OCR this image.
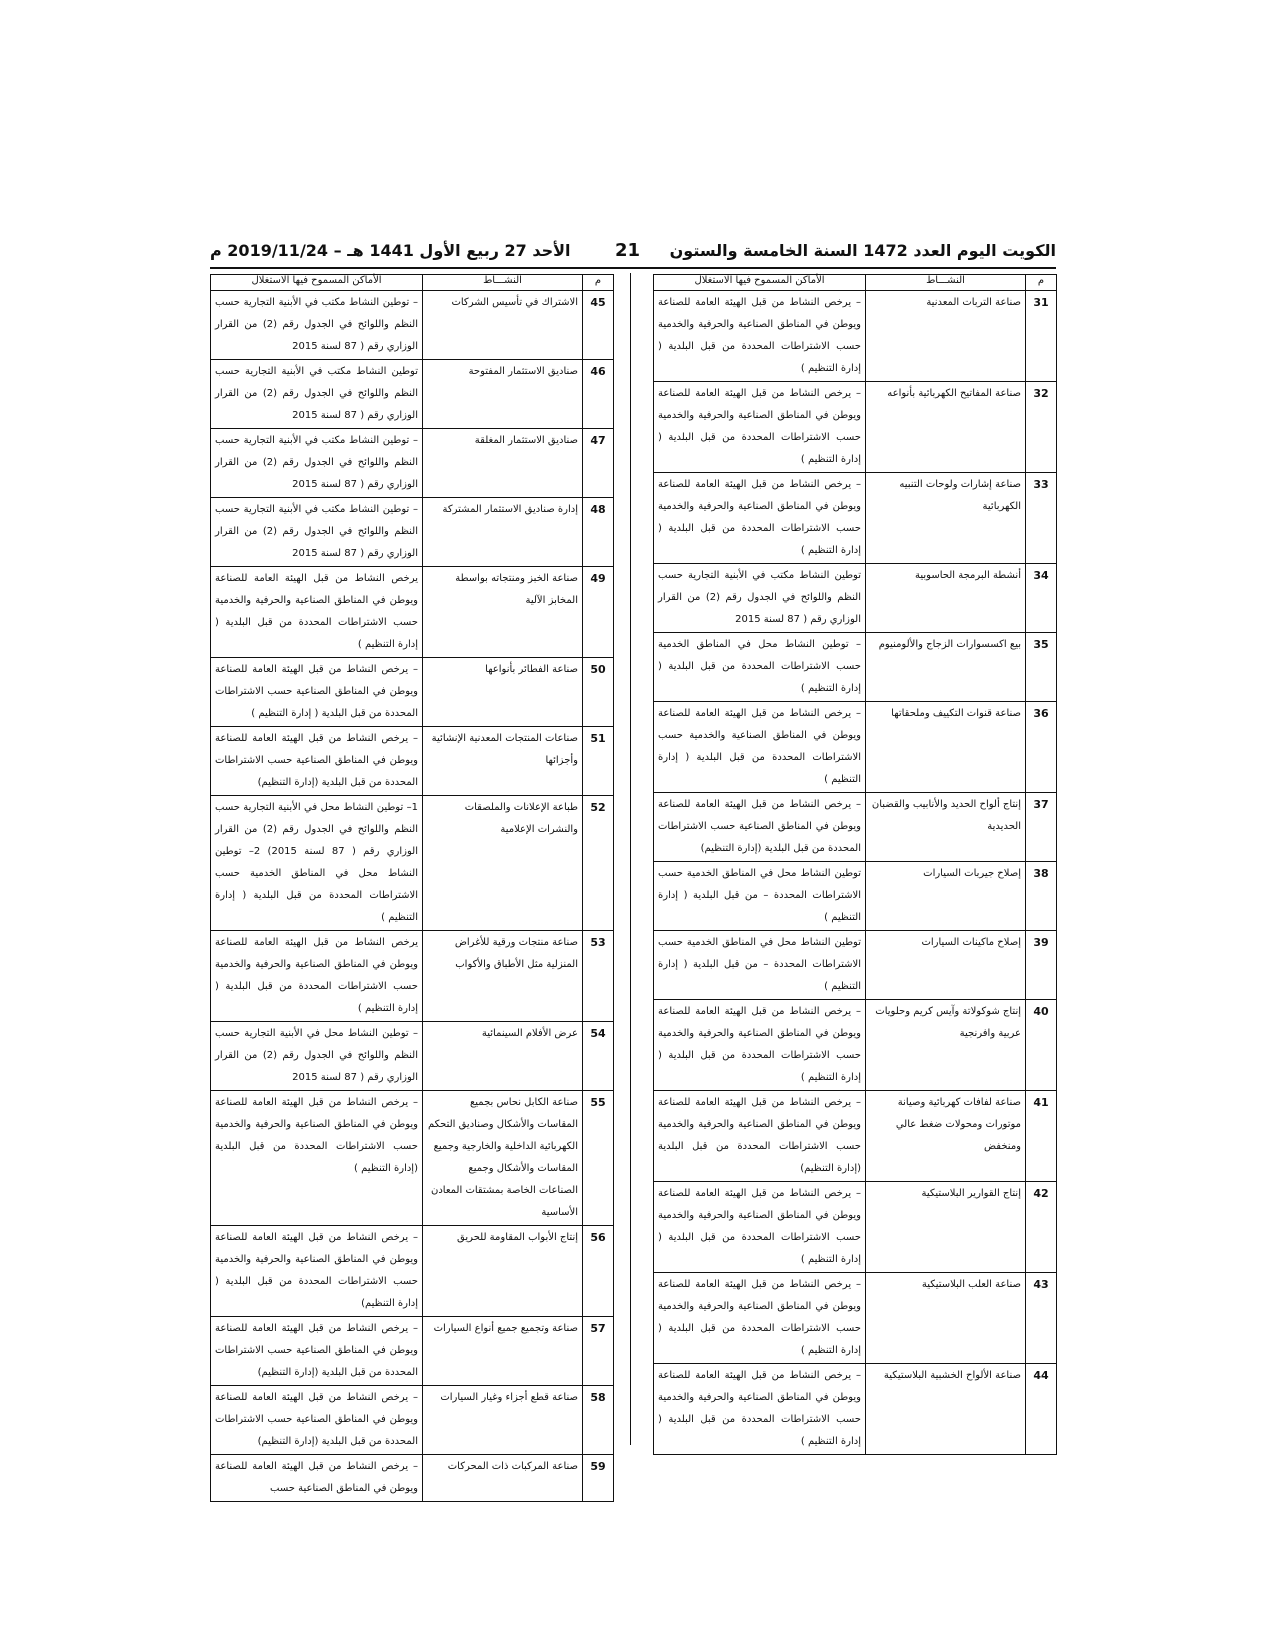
الكويت اليوم العدد 1472 السنة الخامسة والستون
21
الأحد 27 ربيع الأول 1441 هـ – 2019/11/24 م
م	النشـــاط	الأماكن المسموح فيها الاستغلال
31	صناعة التربات المعدنية	– يرخص النشاط من قبل الهيئة العامة للصناعة ويوطن في المناطق الصناعية والحرفية والخدمية حسب الاشتراطات المحددة من قبل البلدية ( إدارة التنظيم )
32	صناعة المفاتيح الكهربائية بأنواعه	– يرخص النشاط من قبل الهيئة العامة للصناعة ويوطن في المناطق الصناعية والحرفية والخدمية حسب الاشتراطات المحددة من قبل البلدية ( إدارة التنظيم )
33	صناعة إشارات ولوحات التنبيه الكهربائية	– يرخص النشاط من قبل الهيئة العامة للصناعة ويوطن في المناطق الصناعية والحرفية والخدمية حسب الاشتراطات المحددة من قبل البلدية ( إدارة التنظيم )
34	أنشطة البرمجة الحاسوبية	توطين النشاط مكتب في الأبنية التجارية حسب النظم واللوائح في الجدول رقم (2) من القرار الوزاري رقم ( 87 لسنة 2015
35	بيع اكسسوارات الزجاج والألومنيوم	– توطين النشاط محل في المناطق الخدمية حسب الاشتراطات المحددة من قبل البلدية ( إدارة التنظيم )
36	صناعة قنوات التكييف وملحقاتها	– يرخص النشاط من قبل الهيئة العامة للصناعة ويوطن في المناطق الصناعية والخدمية حسب الاشتراطات المحددة من قبل البلدية ( إدارة التنظيم )
37	إنتاج ألواح الحديد والأنابيب والقضبان الحديدية	– يرخص النشاط من قبل الهيئة العامة للصناعة ويوطن في المناطق الصناعية حسب الاشتراطات المحددة من قبل البلدية (إدارة التنظيم)
38	إصلاح جيربات السيارات	توطين النشاط محل في المناطق الخدمية حسب الاشتراطات المحددة – من قبل البلدية ( إدارة التنظيم )
39	إصلاح ماكينات السيارات	توطين النشاط محل في المناطق الخدمية حسب الاشتراطات المحددة – من قبل البلدية ( إدارة التنظيم )
40	إنتاج شوكولاتة وآيس كريم وحلويات عربية وافرنجية	– يرخص النشاط من قبل الهيئة العامة للصناعة ويوطن في المناطق الصناعية والحرفية والخدمية حسب الاشتراطات المحددة من قبل البلدية ( إدارة التنظيم )
41	صناعة لفافات كهربائية وصيانة موتورات ومحولات ضغط عالي ومنخفض	– يرخص النشاط من قبل الهيئة العامة للصناعة ويوطن في المناطق الصناعية والحرفية والخدمية حسب الاشتراطات المحددة من قبل البلدية (إدارة التنظيم)
42	إنتاج القوارير البلاستيكية	– يرخص النشاط من قبل الهيئة العامة للصناعة ويوطن في المناطق الصناعية والحرفية والخدمية حسب الاشتراطات المحددة من قبل البلدية ( إدارة التنظيم )
43	صناعة العلب البلاستيكية	– يرخص النشاط من قبل الهيئة العامة للصناعة ويوطن في المناطق الصناعية والحرفية والخدمية حسب الاشتراطات المحددة من قبل البلدية ( إدارة التنظيم )
44	صناعة الألواح الخشبية البلاستيكية	– يرخص النشاط من قبل الهيئة العامة للصناعة ويوطن في المناطق الصناعية والحرفية والخدمية حسب الاشتراطات المحددة من قبل البلدية ( إدارة التنظيم )
م	النشـــاط	الأماكن المسموح فيها الاستغلال
45	الاشتراك في تأسيس الشركات	– توطين النشاط مكتب في الأبنية التجارية حسب النظم واللوائح في الجدول رقم (2) من القرار الوزاري رقم ( 87 لسنة 2015
46	صناديق الاستثمار المفتوحة	توطين النشاط مكتب في الأبنية التجارية حسب النظم واللوائح في الجدول رقم (2) من القرار الوزاري رقم ( 87 لسنة 2015
47	صناديق الاستثمار المغلقة	– توطين النشاط مكتب في الأبنية التجارية حسب النظم واللوائح في الجدول رقم (2) من القرار الوزاري رقم ( 87 لسنة 2015
48	إدارة صناديق الاستثمار المشتركة	– توطين النشاط مكتب في الأبنية التجارية حسب النظم واللوائح في الجدول رقم (2) من القرار الوزاري رقم ( 87 لسنة 2015
49	صناعة الخبز ومنتجاته بواسطة المخابز الآلية	يرخص النشاط من قبل الهيئة العامة للصناعة ويوطن في المناطق الصناعية والحرفية والخدمية حسب الاشتراطات المحددة من قبل البلدية ( إدارة التنظيم )
50	صناعة الفطائر بأنواعها	– يرخص النشاط من قبل الهيئة العامة للصناعة ويوطن في المناطق الصناعية حسب الاشتراطات المحددة من قبل البلدية ( إدارة التنظيم )
51	صناعات المنتجات المعدنية الإنشائية وأجزائها	– يرخص النشاط من قبل الهيئة العامة للصناعة ويوطن في المناطق الصناعية حسب الاشتراطات المحددة من قبل البلدية (إدارة التنظيم)
52	طباعة الإعلانات والملصقات والنشرات الإعلامية	1– توطين النشاط محل في الأبنية التجارية حسب النظم واللوائح في الجدول رقم (2) من القرار الوزاري رقم ( 87 لسنة 2015) 2– توطين النشاط محل في المناطق الخدمية حسب الاشتراطات المحددة من قبل البلدية ( إدارة التنظيم )
53	صناعة منتجات ورقية للأغراض المنزلية مثل الأطباق والأكواب	يرخص النشاط من قبل الهيئة العامة للصناعة ويوطن في المناطق الصناعية والحرفية والخدمية حسب الاشتراطات المحددة من قبل البلدية ( إدارة التنظيم )
54	عرض الأفلام السينمائية	– توطين النشاط محل في الأبنية التجارية حسب النظم واللوائح في الجدول رقم (2) من القرار الوزاري رقم ( 87 لسنة 2015
55	صناعة الكابل نحاس بجميع المقاسات والأشكال وصناديق التحكم الكهربائية الداخلية والخارجية وجميع المقاسات والأشكال وجميع الصناعات الخاصة بمشتقات المعادن الأساسية	– يرخص النشاط من قبل الهيئة العامة للصناعة ويوطن في المناطق الصناعية والحرفية والخدمية حسب الاشتراطات المحددة من قبل البلدية (إدارة التنظيم )
56	إنتاج الأبواب المقاومة للحريق	– يرخص النشاط من قبل الهيئة العامة للصناعة ويوطن في المناطق الصناعية والحرفية والخدمية حسب الاشتراطات المحددة من قبل البلدية ( إدارة التنظيم)
57	صناعة وتجميع جميع أنواع السيارات	– يرخص النشاط من قبل الهيئة العامة للصناعة ويوطن في المناطق الصناعية حسب الاشتراطات المحددة من قبل البلدية (إدارة التنظيم)
58	صناعة قطع أجزاء وغيار السيارات	– يرخص النشاط من قبل الهيئة العامة للصناعة ويوطن في المناطق الصناعية حسب الاشتراطات المحددة من قبل البلدية (إدارة التنظيم)
59	صناعة المركبات ذات المحركات	– يرخص النشاط من قبل الهيئة العامة للصناعة ويوطن في المناطق الصناعية حسب
